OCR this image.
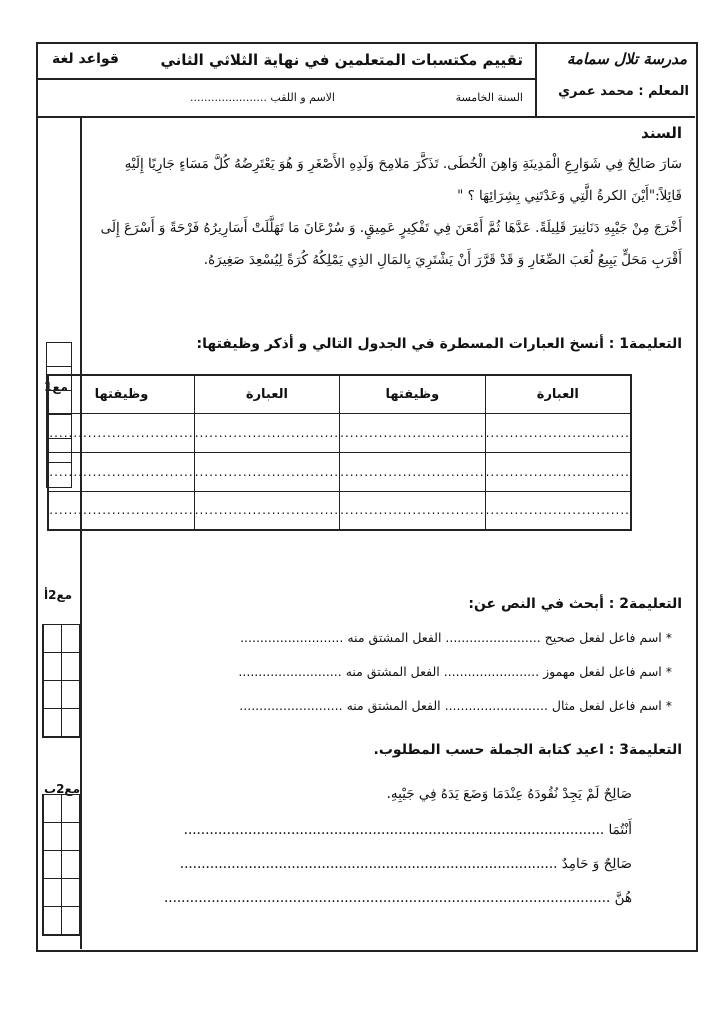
مدرسة تلال سمامة
المعلم : محمد عمري
تقييم مكتسبات المتعلمين في نهاية الثلاثي الثاني
قواعد لغة
السنة الخامسة
الاسم و اللقب ......................
مع1
مع2أ
مع2ب
السند
سَارَ صَالِحٌ فِي شَوَارِعِ الْمَدِينَةِ وَاهِنَ الْخُطَى. تَذَكَّرَ مَلامِحَ وَلَدِهِ الأَصْغَرِ وَ هُوَ يَعْتَرِضُهُ كُلَّ مَسَاءٍ جَارِيًا إِلَيْهِ قَائِلاً:"أَيْنَ الكرةُ الَّتِي وَعَدْتَنِي بِشِرَائِهَا ؟ "
أَخْرَجَ مِنْ جَيْبِهِ دَنَانِيرَ قَلِيلَةً. عَدَّهَا ثُمَّ أَمْعَنَ فِي تَفْكِيرٍ عَمِيقٍ. وَ سُرْعَانَ مَا تَهَلَّلَتْ أَسَارِيرُهُ فَرْحَةً وَ أَسْرَعَ إِلَى أَقْرَبِ مَحَلٍّ يَبِيعُ لُعَبَ الصِّغَارِ وَ قَدْ قَرَّرَ أَنْ يَشْتَرِيَ بِالمَالِ الذِي يَمْلِكُهُ كُرَةً لِيُسْعِدَ صَغِيرَهُ.
التعليمة1 : أنسخ العبارات المسطرة في الجدول التالي و أذكر وظيفتها:
العبارة	وظيفتها	العبارة	وظيفتها
..............................	..............................	..............................	..............................
..............................	..............................	..............................	..............................
..............................	..............................	..............................	..............................
التعليمة2 : أبحث في النص عن:
* اسم فاعل لفعل صحيح ........................ الفعل المشتق منه ..........................
* اسم فاعل لفعل مهموز ........................ الفعل المشتق منه ..........................
* اسم فاعل لفعل مثال .......................... الفعل المشتق منه ..........................
التعليمة3 : اعيد كتابة الجملة حسب المطلوب.
صَالِحٌ لَمْ يَجِدْ نُقُودَهُ عِنْدَمَا وَضَعَ يَدَهُ فِي جَيْبِهِ.
أَنْتُمَا ..................................................................................................
صَالِحٌ وَ حَامِدٌ ........................................................................................
هُنَّ ........................................................................................................
